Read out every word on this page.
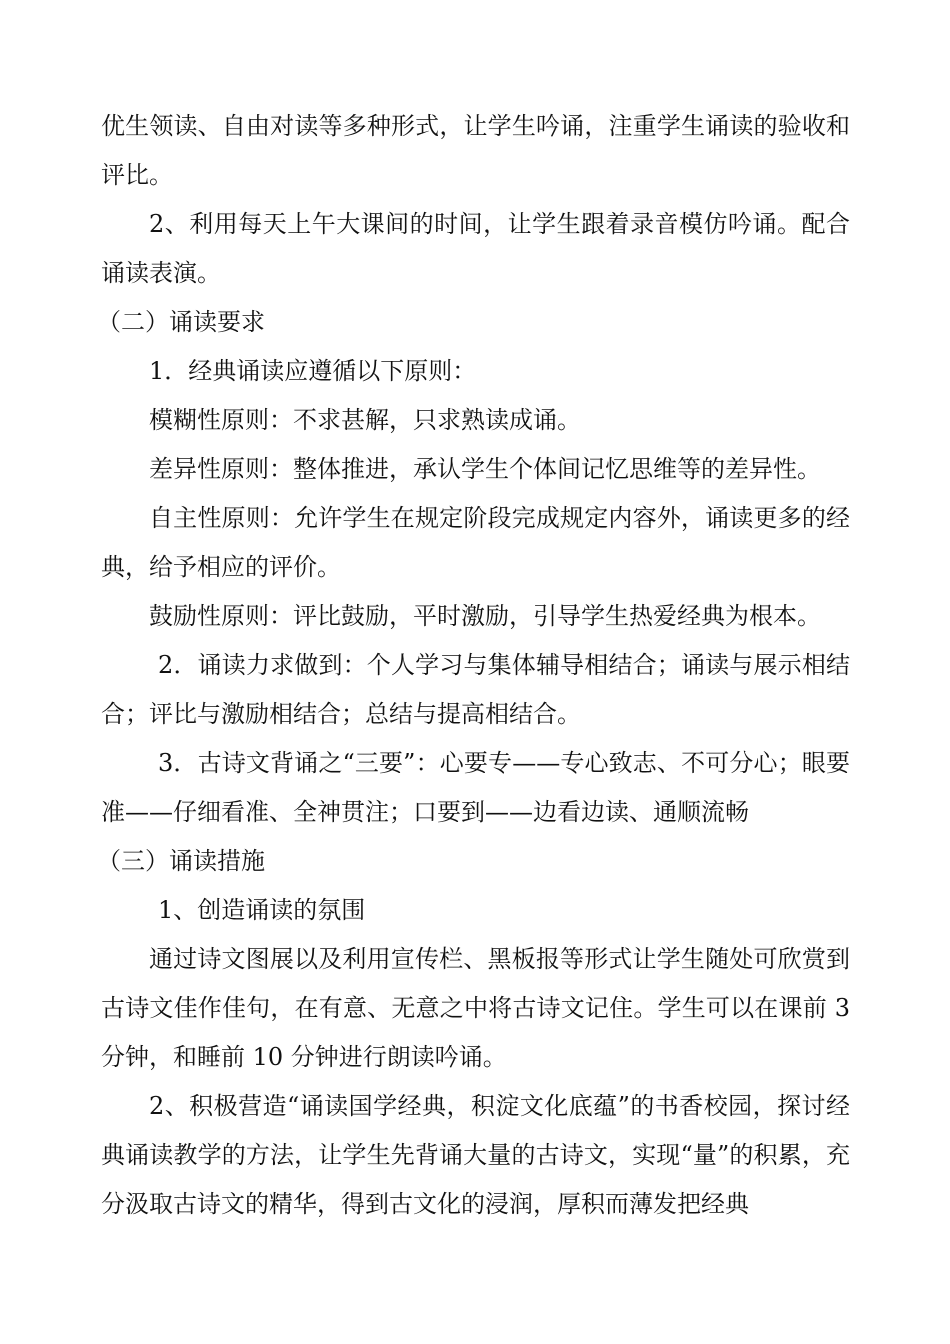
优生领读、自由对读等多种形式，让学生吟诵，注重学生诵读的验收和评比。

2、利用每天上午大课间的时间，让学生跟着录音模仿吟诵。配合诵读表演。

（二）诵读要求

1．经典诵读应遵循以下原则：

模糊性原则：不求甚解，只求熟读成诵。

差异性原则：整体推进，承认学生个体间记忆思维等的差异性。

自主性原则：允许学生在规定阶段完成规定内容外，诵读更多的经典，给予相应的评价。

鼓励性原则：评比鼓励，平时激励，引导学生热爱经典为根本。

2．诵读力求做到：个人学习与集体辅导相结合；诵读与展示相结合；评比与激励相结合；总结与提高相结合。

3．古诗文背诵之“三要”：心要专——专心致志、不可分心；眼要准——仔细看准、全神贯注；口要到——边看边读、通顺流畅

（三）诵读措施

1、创造诵读的氛围

通过诗文图展以及利用宣传栏、黑板报等形式让学生随处可欣赏到古诗文佳作佳句，在有意、无意之中将古诗文记住。学生可以在课前 3 分钟，和睡前 10 分钟进行朗读吟诵。

2、积极营造“诵读国学经典，积淀文化底蕴”的书香校园，探讨经典诵读教学的方法，让学生先背诵大量的古诗文，实现“量”的积累，充分汲取古诗文的精华，得到古文化的浸润，厚积而薄发把经典
